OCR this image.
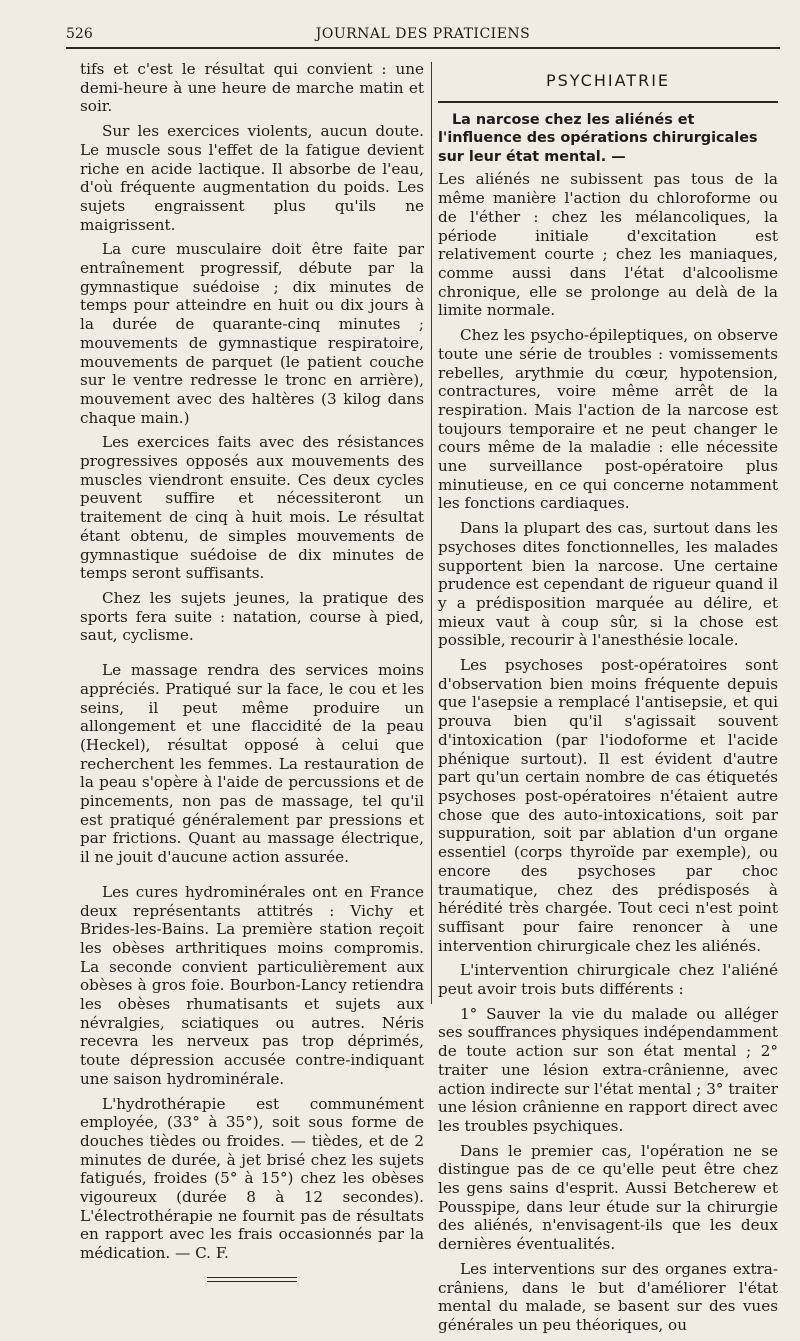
526	JOURNAL DES PRATICIENS

tifs et c'est le résultat qui convient : une demi-heure à une heure de marche matin et soir.

Sur les exercices violents, aucun doute. Le muscle sous l'effet de la fatigue devient riche en acide lactique. Il absorbe de l'eau, d'où fréquente augmentation du poids. Les sujets engraissent plus qu'ils ne maigrissent.

La cure musculaire doit être faite par entraînement progressif, débute par la gymnastique suédoise ; dix minutes de temps pour atteindre en huit ou dix jours à la durée de quarante-cinq minutes ; mouvements de gymnastique respiratoire, mouvements de parquet (le patient couche sur le ventre redresse le tronc en arrière), mouvement avec des haltères (3 kilog dans chaque main.)

Les exercices faits avec des résistances progressives opposés aux mouvements des muscles viendront ensuite. Ces deux cycles peuvent suffire et nécessiteront un traitement de cinq à huit mois. Le résultat étant obtenu, de simples mouvements de gymnastique suédoise de dix minutes de temps seront suffisants.

Chez les sujets jeunes, la pratique des sports fera suite : natation, course à pied, saut, cyclisme.

Le massage rendra des services moins appréciés. Pratiqué sur la face, le cou et les seins, il peut même produire un allongement et une flaccidité de la peau (Heckel), résultat opposé à celui que recherchent les femmes. La restauration de la peau s'opère à l'aide de percussions et de pincements, non pas de massage, tel qu'il est pratiqué généralement par pressions et par frictions. Quant au massage électrique, il ne jouit d'aucune action assurée.

Les cures hydrominérales ont en France deux représentants attitrés : Vichy et Brides-les-Bains. La première station reçoit les obèses arthritiques moins compromis. La seconde convient particulièrement aux obèses à gros foie. Bourbon-Lancy retiendra les obèses rhumatisants et sujets aux névralgies, sciatiques ou autres. Néris recevra les nerveux pas trop déprimés, toute dépression accusée contre-indiquant une saison hydrominérale.

L'hydrothérapie est communément employée, (33° à 35°), soit sous forme de douches tièdes ou froides. — tièdes, et de 2 minutes de durée, à jet brisé chez les sujets fatigués, froides (5° à 15°) chez les obèses vigoureux (durée 8 à 12 secondes). L'électrothérapie ne fournit pas de résultats en rapport avec les frais occasionnés par la médication. — C. F.

PSYCHIATRIE
La narcose chez les aliénés et l'influence des opérations chirurgicales sur leur état mental. —

Les aliénés ne subissent pas tous de la même manière l'action du chloroforme ou de l'éther : chez les mélancoliques, la période initiale d'excitation est relativement courte ; chez les maniaques, comme aussi dans l'état d'alcoolisme chronique, elle se prolonge au delà de la limite normale.

Chez les psycho-épileptiques, on observe toute une série de troubles : vomissements rebelles, arythmie du cœur, hypotension, contractures, voire même arrêt de la respiration. Mais l'action de la narcose est toujours temporaire et ne peut changer le cours même de la maladie : elle nécessite une surveillance post-opératoire plus minutieuse, en ce qui concerne notamment les fonctions cardiaques.

Dans la plupart des cas, surtout dans les psychoses dites fonctionnelles, les malades supportent bien la narcose. Une certaine prudence est cependant de rigueur quand il y a prédisposition marquée au délire, et mieux vaut à coup sûr, si la chose est possible, recourir à l'anesthésie locale.

Les psychoses post-opératoires sont d'observation bien moins fréquente depuis que l'asepsie a remplacé l'antisepsie, et qui prouva bien qu'il s'agissait souvent d'intoxication (par l'iodoforme et l'acide phénique surtout). Il est évident d'autre part qu'un certain nombre de cas étiquetés psychoses post-opératoires n'étaient autre chose que des auto-intoxications, soit par suppuration, soit par ablation d'un organe essentiel (corps thyroïde par exemple), ou encore des psychoses par choc traumatique, chez des prédisposés à hérédité très chargée. Tout ceci n'est point suffisant pour faire renoncer à une intervention chirurgicale chez les aliénés.

L'intervention chirurgicale chez l'aliéné peut avoir trois buts différents :

1° Sauver la vie du malade ou alléger ses souffrances physiques indépendamment de toute action sur son état mental ; 2° traiter une lésion extra-crânienne, avec action indirecte sur l'état mental ; 3° traiter une lésion crânienne en rapport direct avec les troubles psychiques.

Dans le premier cas, l'opération ne se distingue pas de ce qu'elle peut être chez les gens sains d'esprit. Aussi Betcherew et Pousspipe, dans leur étude sur la chirurgie des aliénés, n'envisagent-ils que les deux dernières éventualités.

Les interventions sur des organes extra-crâniens, dans le but d'améliorer l'état mental du malade, se basent sur des vues générales un peu théoriques, ou
